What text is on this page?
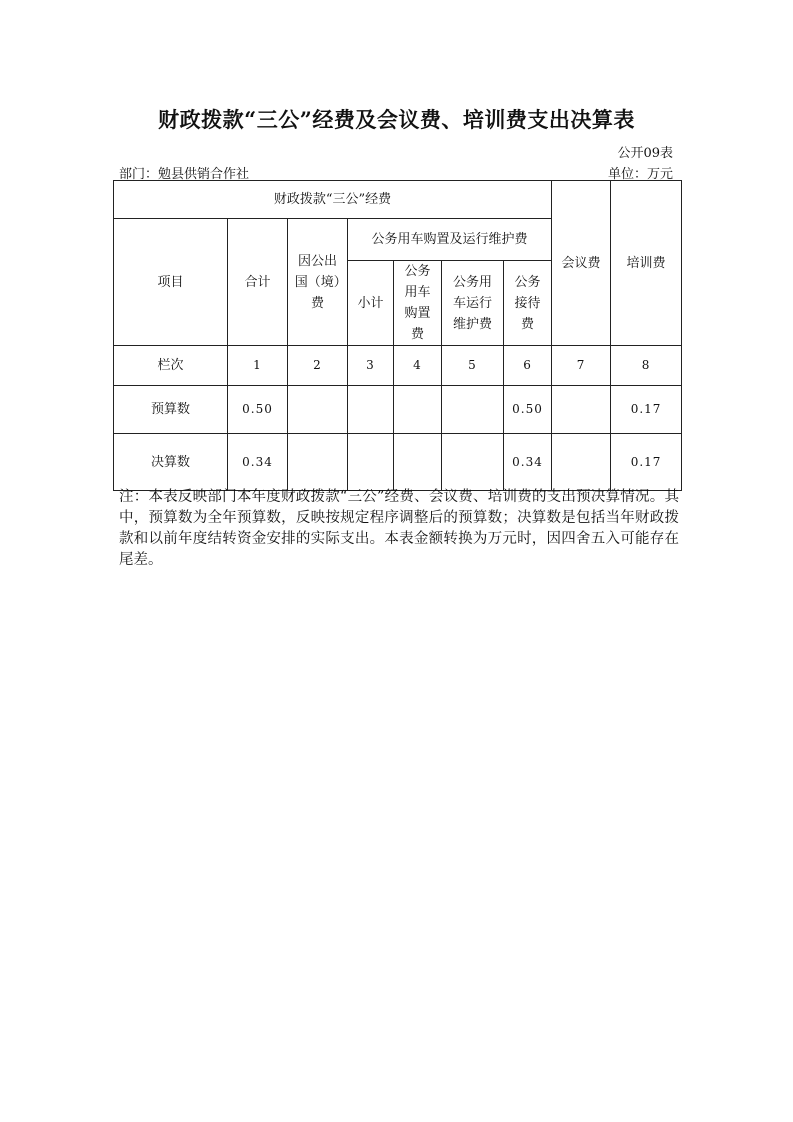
财政拨款“三公”经费及会议费、培训费支出决算表
公开09表
部门：勉县供销合作社	单位：万元
财政拨款“三公”经费							会议费	培训费
项目	合计	因公出国（境）费	公务用车购置及运行维护费					
			小计	公务用车购置费	公务用车运行维护费	公务接待费		
栏次	1	2	3	4	5	6	7	8
预算数	0.50					0.50		0.17
决算数	0.34					0.34		0.17
注：本表反映部门本年度财政拨款“三公”经费、会议费、培训费的支出预决算情况。其中，预算数为全年预算数，反映按规定程序调整后的预算数；决算数是包括当年财政拨款和以前年度结转资金安排的实际支出。本表金额转换为万元时，因四舍五入可能存在尾差。
